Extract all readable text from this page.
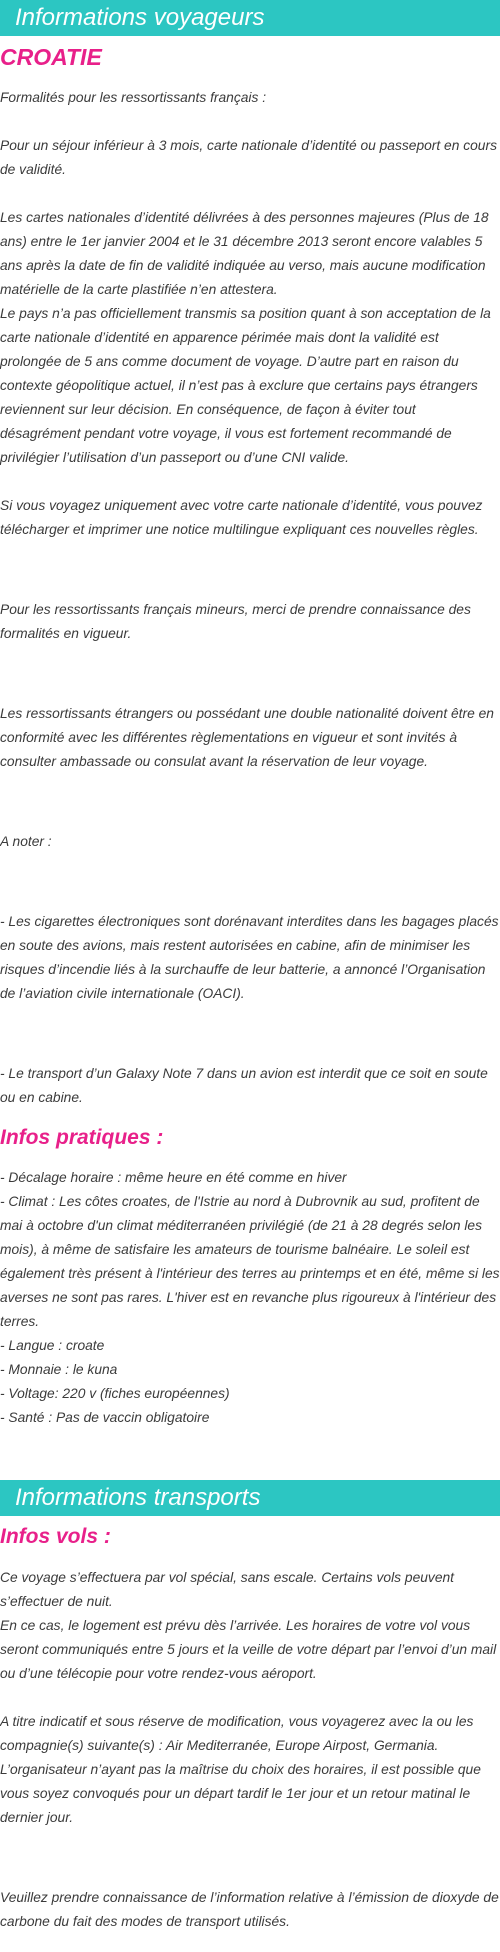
Informations voyageurs
CROATIE

Formalités pour les ressortissants français :

Pour un séjour inférieur à 3 mois, carte nationale d’identité ou passeport en cours de validité.

Les cartes nationales d’identité délivrées à des personnes majeures (Plus de 18 ans) entre le 1er janvier 2004 et le 31 décembre 2013 seront encore valables 5 ans après la date de fin de validité indiquée au verso, mais aucune modification matérielle de la carte plastifiée n’en attestera.

Le pays n’a pas officiellement transmis sa position quant à son acceptation de la carte nationale d’identité en apparence périmée mais dont la validité est prolongée de 5 ans comme document de voyage. D’autre part en raison du contexte géopolitique actuel, il n’est pas à exclure que certains pays étrangers reviennent sur leur décision. En conséquence, de façon à éviter tout désagrément pendant votre voyage, il vous est fortement recommandé de privilégier l’utilisation d’un passeport ou d’une CNI valide.

Si vous voyagez uniquement avec votre carte nationale d’identité, vous pouvez télécharger et imprimer une notice multilingue expliquant ces nouvelles règles.

Pour les ressortissants français mineurs, merci de prendre connaissance des formalités en vigueur.

Les ressortissants étrangers ou possédant une double nationalité doivent être en conformité avec les différentes règlementations en vigueur et sont invités à consulter ambassade ou consulat avant la réservation de leur voyage.

A noter :

- Les cigarettes électroniques sont dorénavant interdites dans les bagages placés en soute des avions, mais restent autorisées en cabine, afin de minimiser les risques d’incendie liés à la surchauffe de leur batterie, a annoncé l’Organisation de l’aviation civile internationale (OACI).

- Le transport d’un Galaxy Note 7 dans un avion est interdit que ce soit en soute ou en cabine.

Infos pratiques :

- Décalage horaire : même heure en été comme en hiver

- Climat : Les côtes croates, de l'Istrie au nord à Dubrovnik au sud, profitent de mai à octobre d'un climat méditerranéen privilégié (de 21 à 28 degrés selon les mois), à même de satisfaire les amateurs de tourisme balnéaire. Le soleil est également très présent à l'intérieur des terres au printemps et en été, même si les averses ne sont pas rares. L'hiver est en revanche plus rigoureux à l'intérieur des terres.

- Langue : croate

- Monnaie : le kuna

- Voltage: 220 v (fiches européennes)

- Santé : Pas de vaccin obligatoire

Informations transports
Infos vols :

Ce voyage s’effectuera par vol spécial, sans escale. Certains vols peuvent s’effectuer de nuit.

En ce cas, le logement est prévu dès l’arrivée. Les horaires de votre vol vous seront communiqués entre 5 jours et la veille de votre départ par l’envoi d’un mail ou d’une télécopie pour votre rendez-vous aéroport.

A titre indicatif et sous réserve de modification, vous voyagerez avec la ou les compagnie(s) suivante(s) : Air Mediterranée, Europe Airpost, Germania. L’organisateur n’ayant pas la maîtrise du choix des horaires, il est possible que vous soyez convoqués pour un départ tardif le 1er jour et un retour matinal le dernier jour.

Veuillez prendre connaissance de l’information relative à l’émission de dioxyde de carbone du fait des modes de transport utilisés.
